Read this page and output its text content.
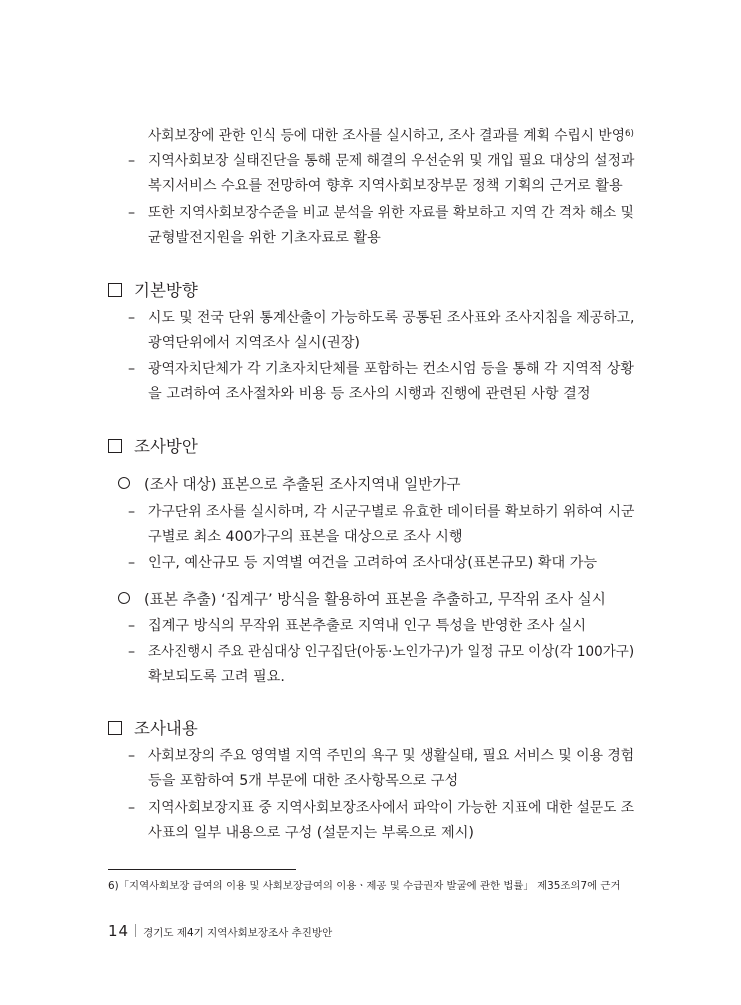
사회보장에 관한 인식 등에 대한 조사를 실시하고, 조사 결과를 계획 수립시 반영$^{6)}$
– 지역사회보장 실태진단을 통해 문제 해결의 우선순위 및 개입 필요 대상의 설정과
복지서비스 수요를 전망하여 향후 지역사회보장부문 정책 기획의 근거로 활용
– 또한 지역사회보장수준을 비교 분석을 위한 자료를 확보하고 지역 간 격차 해소 및
균형발전지원을 위한 기초자료로 활용
기본방향
– 시도 및 전국 단위 통계산출이 가능하도록 공통된 조사표와 조사지침을 제공하고,
광역단위에서 지역조사 실시(권장)
– 광역자치단체가 각 기초자치단체를 포함하는 컨소시엄 등을 통해 각 지역적 상황
을 고려하여 조사절차와 비용 등 조사의 시행과 진행에 관련된 사항 결정
조사방안
(조사 대상) 표본으로 추출된 조사지역내 일반가구
– 가구단위 조사를 실시하며, 각 시군구별로 유효한 데이터를 확보하기 위하여 시군
구별로 최소 400가구의 표본을 대상으로 조사 시행
– 인구, 예산규모 등 지역별 여건을 고려하여 조사대상(표본규모) 확대 가능
(표본 추출) ‘집계구’ 방식을 활용하여 표본을 추출하고, 무작위 조사 실시
– 집계구 방식의 무작위 표본추출로 지역내 인구 특성을 반영한 조사 실시
– 조사진행시 주요 관심대상 인구집단(아동·노인가구)가 일정 규모 이상(각 100가구)
확보되도록 고려 필요.
조사내용
– 사회보장의 주요 영역별 지역 주민의 욕구 및 생활실태, 필요 서비스 및 이용 경험
등을 포함하여 5개 부문에 대한 조사항목으로 구성
– 지역사회보장지표 중 지역사회보장조사에서 파악이 가능한 지표에 대한 설문도 조
사표의 일부 내용으로 구성 (설문지는 부록으로 제시)
6)「지역사회보장 급여의 이용 및 사회보장급여의 이용ㆍ제공 및 수급권자 발굴에 관한 법률」 제35조의7에 근거
14 경기도 제4기 지역사회보장조사 추진방안
